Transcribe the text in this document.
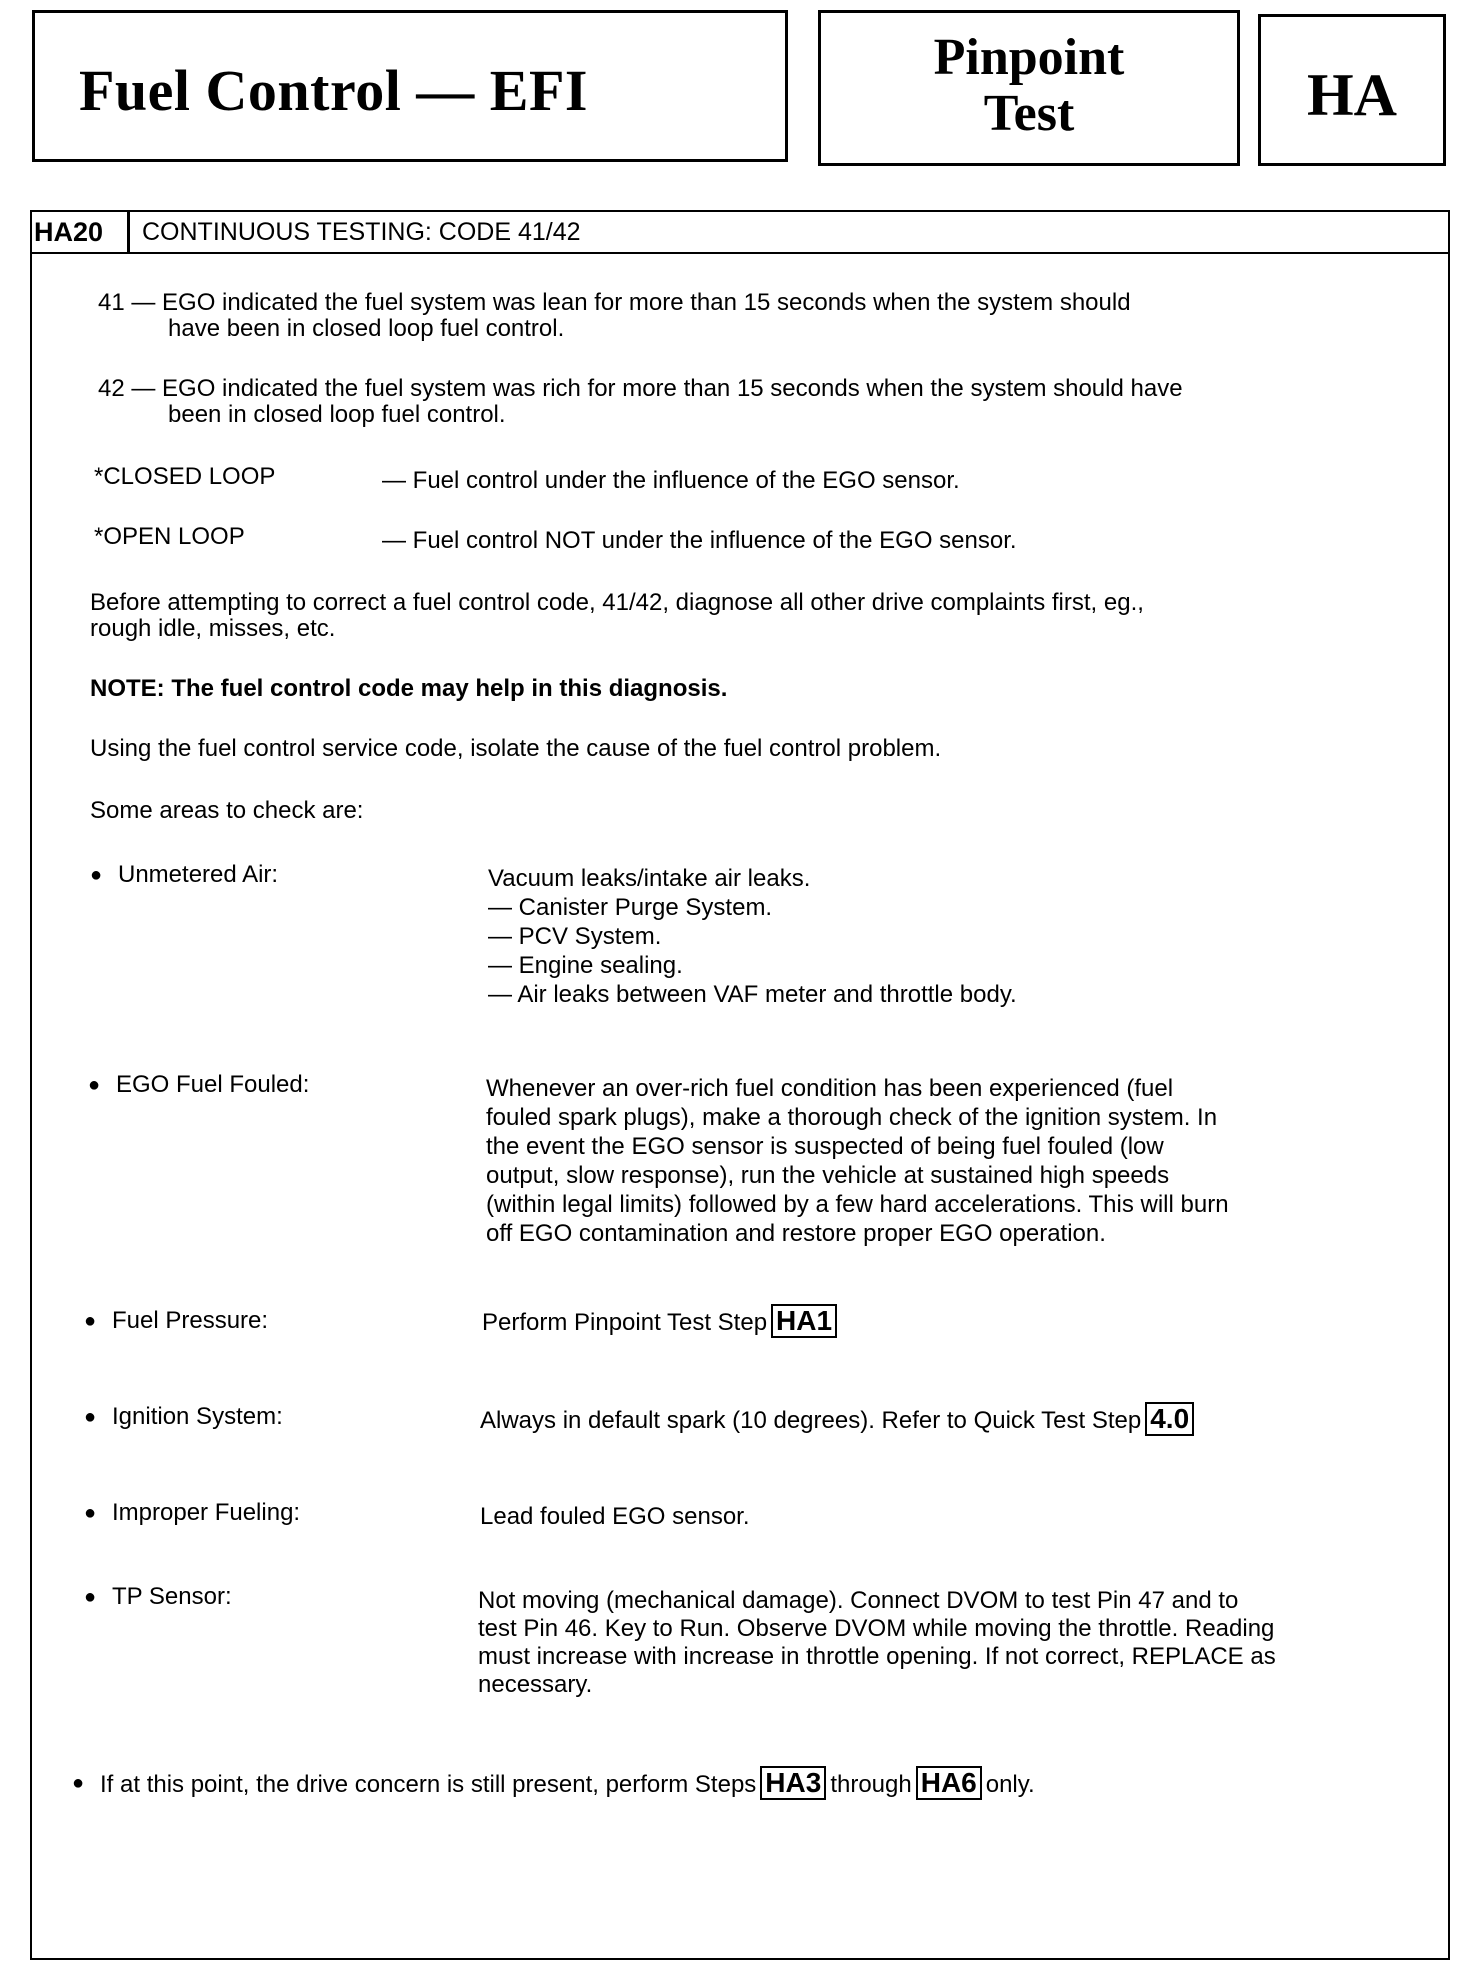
Fuel Control — EFI
Pinpoint
Test	HA
HA20	CONTINUOUS TESTING: CODE 41/42
41 — EGO indicated the fuel system was lean for more than 15 seconds when the system should
have been in closed loop fuel control.
42 — EGO indicated the fuel system was rich for more than 15 seconds when the system should have
been in closed loop fuel control.
*CLOSED LOOP	— Fuel control under the influence of the EGO sensor.
*OPEN LOOP	— Fuel control NOT under the influence of the EGO sensor.
Before attempting to correct a fuel control code, 41/42, diagnose all other drive complaints first, eg.,
rough idle, misses, etc.
NOTE: The fuel control code may help in this diagnosis.
Using the fuel control service code, isolate the cause of the fuel control problem.
Some areas to check are:
● Unmetered Air:	Vacuum leaks/intake air leaks.
— Canister Purge System.
— PCV System.
— Engine sealing.
— Air leaks between VAF meter and throttle body.
● EGO Fuel Fouled:	Whenever an over-rich fuel condition has been experienced (fuel
fouled spark plugs), make a thorough check of the ignition system. In
the event the EGO sensor is suspected of being fuel fouled (low
output, slow response), run the vehicle at sustained high speeds
(within legal limits) followed by a few hard accelerations. This will burn
off EGO contamination and restore proper EGO operation.
● Fuel Pressure:	Perform Pinpoint Test Step HA1
● Ignition System:	Always in default spark (10 degrees). Refer to Quick Test Step 4.0
● Improper Fueling:	Lead fouled EGO sensor.
● TP Sensor:	Not moving (mechanical damage). Connect DVOM to test Pin 47 and to
test Pin 46. Key to Run. Observe DVOM while moving the throttle. Reading
must increase with increase in throttle opening. If not correct, REPLACE as
necessary.
● If at this point, the drive concern is still present, perform Steps HA3 through HA6 only.
